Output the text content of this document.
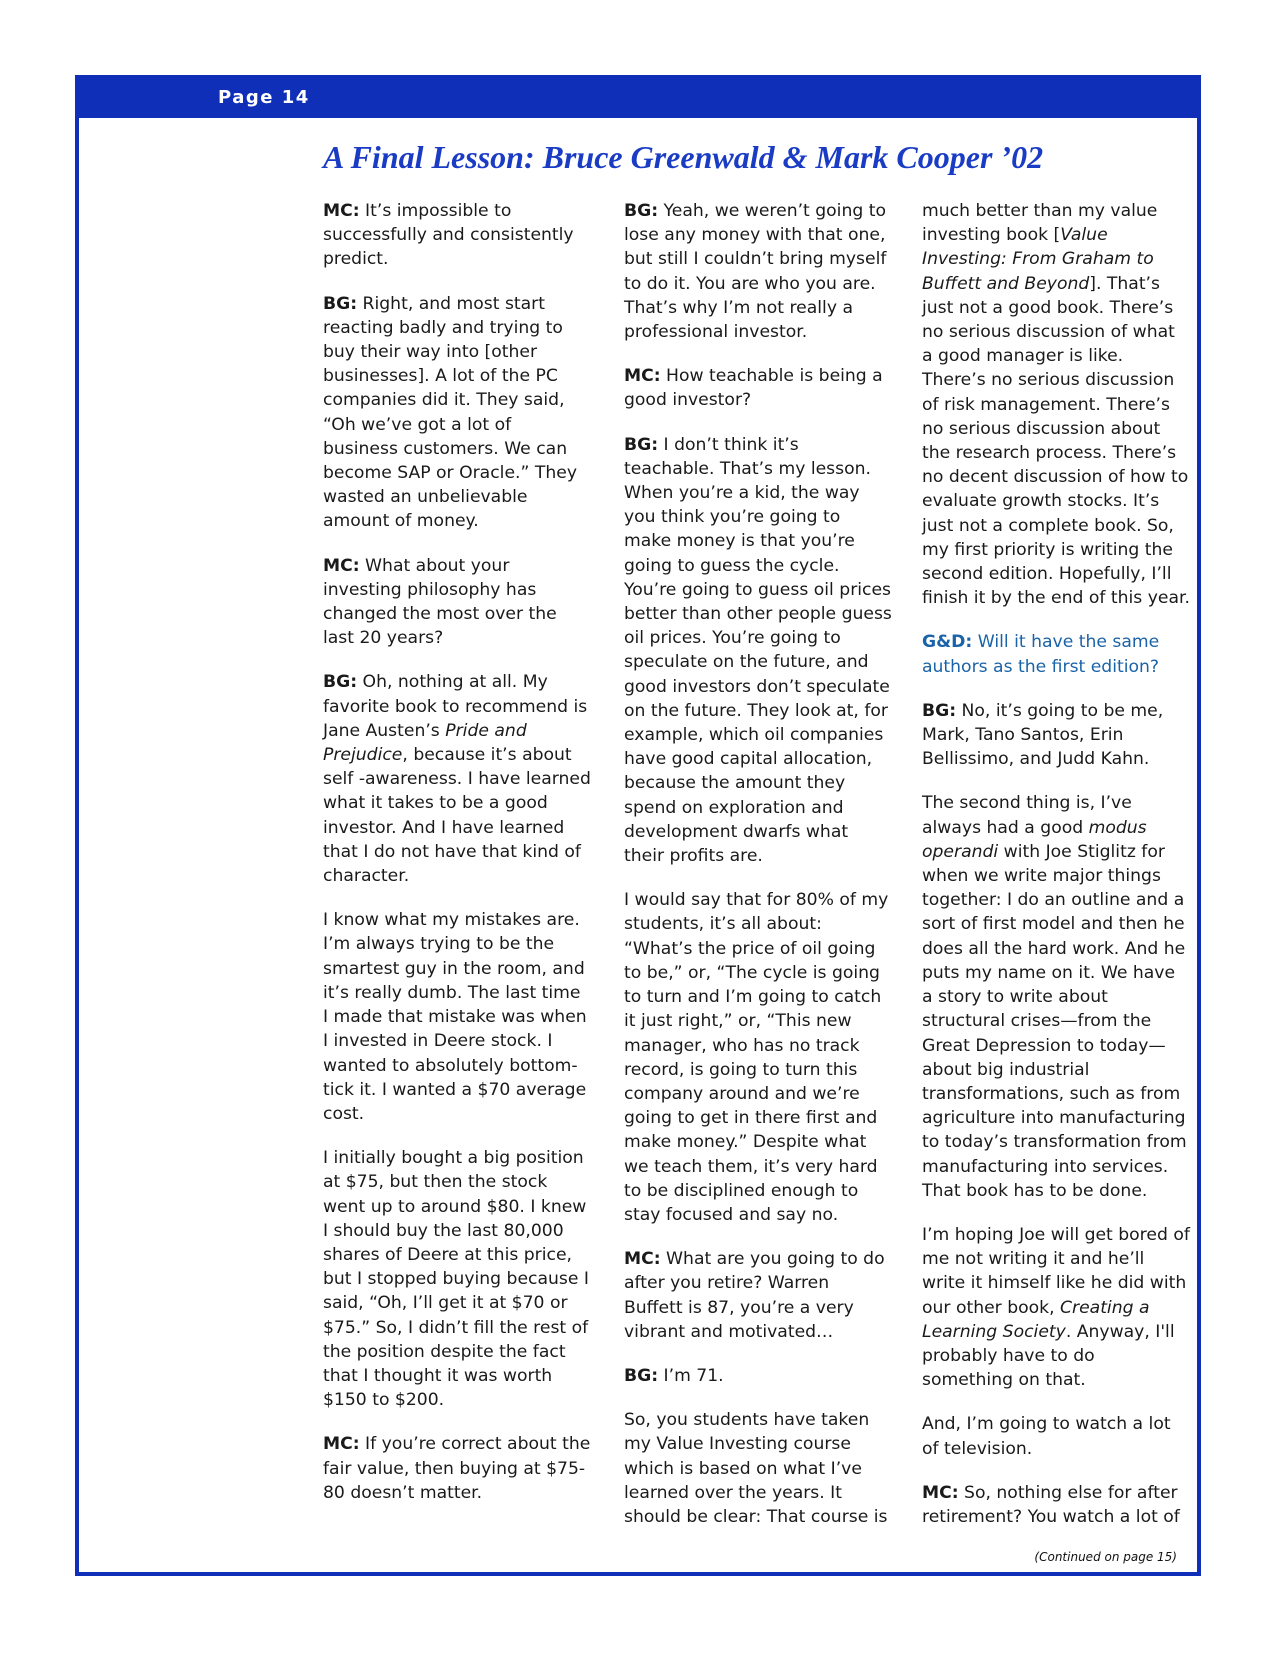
Page 14
A Final Lesson: Bruce Greenwald & Mark Cooper ’02

MC: It’s impossible to successfully and consistently predict.

BG: Right, and most start reacting badly and trying to buy their way into [other businesses]. A lot of the PC companies did it. They said, “Oh we’ve got a lot of business customers. We can become SAP or Oracle.” They wasted an unbelievable amount of money.

MC: What about your investing philosophy has changed the most over the last 20 years?

BG: Oh, nothing at all. My favorite book to recommend is Jane Austen’s Pride and Prejudice, because it’s about self -awareness. I have learned what it takes to be a good investor. And I have learned that I do not have that kind of character.

I know what my mistakes are. I’m always trying to be the smartest guy in the room, and it’s really dumb. The last time I made that mistake was when I invested in Deere stock. I wanted to absolutely bottom-tick it. I wanted a $70 average cost.

I initially bought a big position at $75, but then the stock went up to around $80. I knew I should buy the last 80,000 shares of Deere at this price, but I stopped buying because I said, “Oh, I’ll get it at $70 or $75.” So, I didn’t fill the rest of the position despite the fact that I thought it was worth $150 to $200.

MC: If you’re correct about the fair value, then buying at $75-80 doesn’t matter.

BG: Yeah, we weren’t going to lose any money with that one, but still I couldn’t bring myself to do it. You are who you are. That’s why I’m not really a professional investor.

MC: How teachable is being a good investor?

BG: I don’t think it’s teachable. That’s my lesson. When you’re a kid, the way you think you’re going to make money is that you’re going to guess the cycle. You’re going to guess oil prices better than other people guess oil prices. You’re going to speculate on the future, and good investors don’t speculate on the future. They look at, for example, which oil companies have good capital allocation, because the amount they spend on exploration and development dwarfs what their profits are.

I would say that for 80% of my students, it’s all about: “What’s the price of oil going to be,” or, “The cycle is going to turn and I’m going to catch it just right,” or, “This new manager, who has no track record, is going to turn this company around and we’re going to get in there first and make money.” Despite what we teach them, it’s very hard to be disciplined enough to stay focused and say no.

MC: What are you going to do after you retire? Warren Buffett is 87, you’re a very vibrant and motivated…

BG: I’m 71.

So, you students have taken my Value Investing course which is based on what I’ve learned over the years. It should be clear: That course is

much better than my value investing book [Value Investing: From Graham to Buffett and Beyond]. That’s just not a good book. There’s no serious discussion of what a good manager is like. There’s no serious discussion of risk management. There’s no serious discussion about the research process. There’s no decent discussion of how to evaluate growth stocks. It’s just not a complete book. So, my first priority is writing the second edition. Hopefully, I’ll finish it by the end of this year.

G&D: Will it have the same authors as the first edition?

BG: No, it’s going to be me, Mark, Tano Santos, Erin Bellissimo, and Judd Kahn.

The second thing is, I’ve always had a good modus operandi with Joe Stiglitz for when we write major things together: I do an outline and a sort of first model and then he does all the hard work. And he puts my name on it. We have a story to write about structural crises—from the Great Depression to today—about big industrial transformations, such as from agriculture into manufacturing to today’s transformation from manufacturing into services. That book has to be done.

I’m hoping Joe will get bored of me not writing it and he’ll write it himself like he did with our other book, Creating a Learning Society. Anyway, I'll probably have to do something on that.

And, I’m going to watch a lot of television.

MC: So, nothing else for after retirement? You watch a lot of

(Continued on page 15)
